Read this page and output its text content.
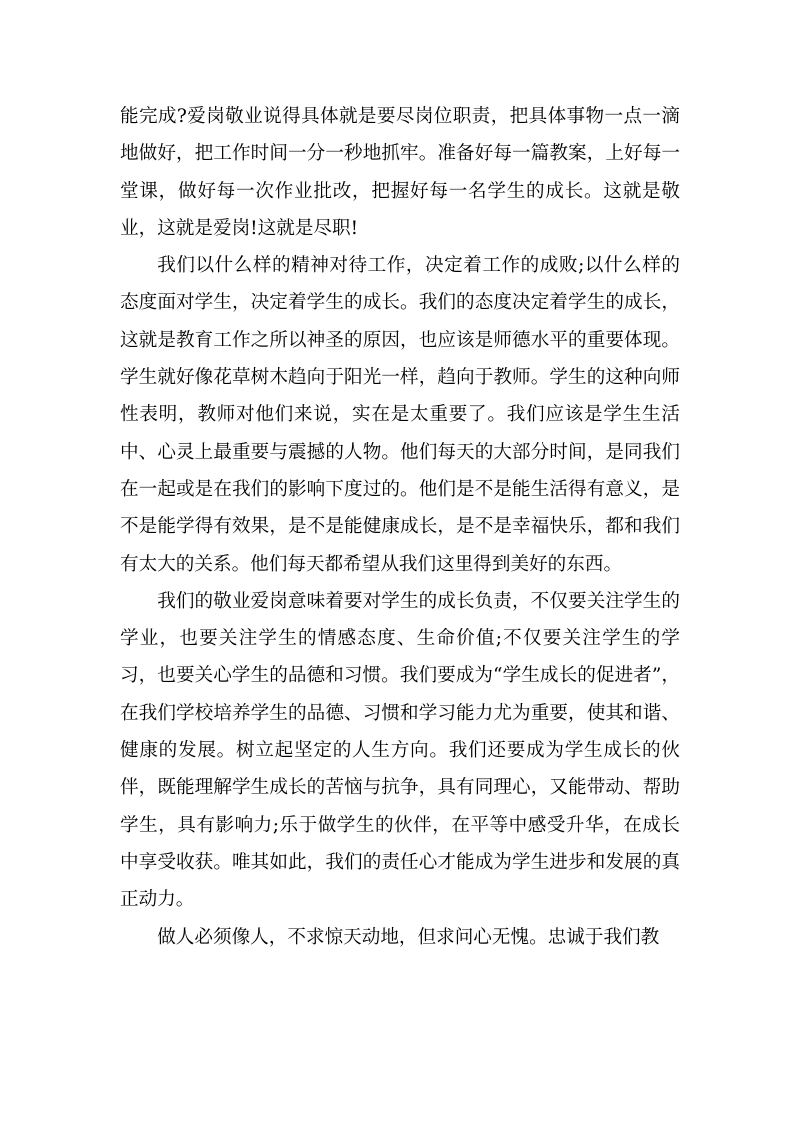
能完成?爱岗敬业说得具体就是要尽岗位职责，把具体事物一点一滴地做好，把工作时间一分一秒地抓牢。准备好每一篇教案，上好每一堂课，做好每一次作业批改，把握好每一名学生的成长。这就是敬业，这就是爱岗!这就是尽职!

我们以什么样的精神对待工作，决定着工作的成败;以什么样的态度面对学生，决定着学生的成长。我们的态度决定着学生的成长，这就是教育工作之所以神圣的原因，也应该是师德水平的重要体现。学生就好像花草树木趋向于阳光一样，趋向于教师。学生的这种向师性表明，教师对他们来说，实在是太重要了。我们应该是学生生活中、心灵上最重要与震撼的人物。他们每天的大部分时间，是同我们在一起或是在我们的影响下度过的。他们是不是能生活得有意义，是不是能学得有效果，是不是能健康成长，是不是幸福快乐，都和我们有太大的关系。他们每天都希望从我们这里得到美好的东西。

我们的敬业爱岗意味着要对学生的成长负责，不仅要关注学生的学业，也要关注学生的情感态度、生命价值;不仅要关注学生的学习，也要关心学生的品德和习惯。我们要成为“学生成长的促进者”，在我们学校培养学生的品德、习惯和学习能力尤为重要，使其和谐、健康的发展。树立起坚定的人生方向。我们还要成为学生成长的伙伴，既能理解学生成长的苦恼与抗争，具有同理心，又能带动、帮助学生，具有影响力;乐于做学生的伙伴，在平等中感受升华，在成长中享受收获。唯其如此，我们的责任心才能成为学生进步和发展的真正动力。

做人必须像人，不求惊天动地，但求问心无愧。忠诚于我们教
